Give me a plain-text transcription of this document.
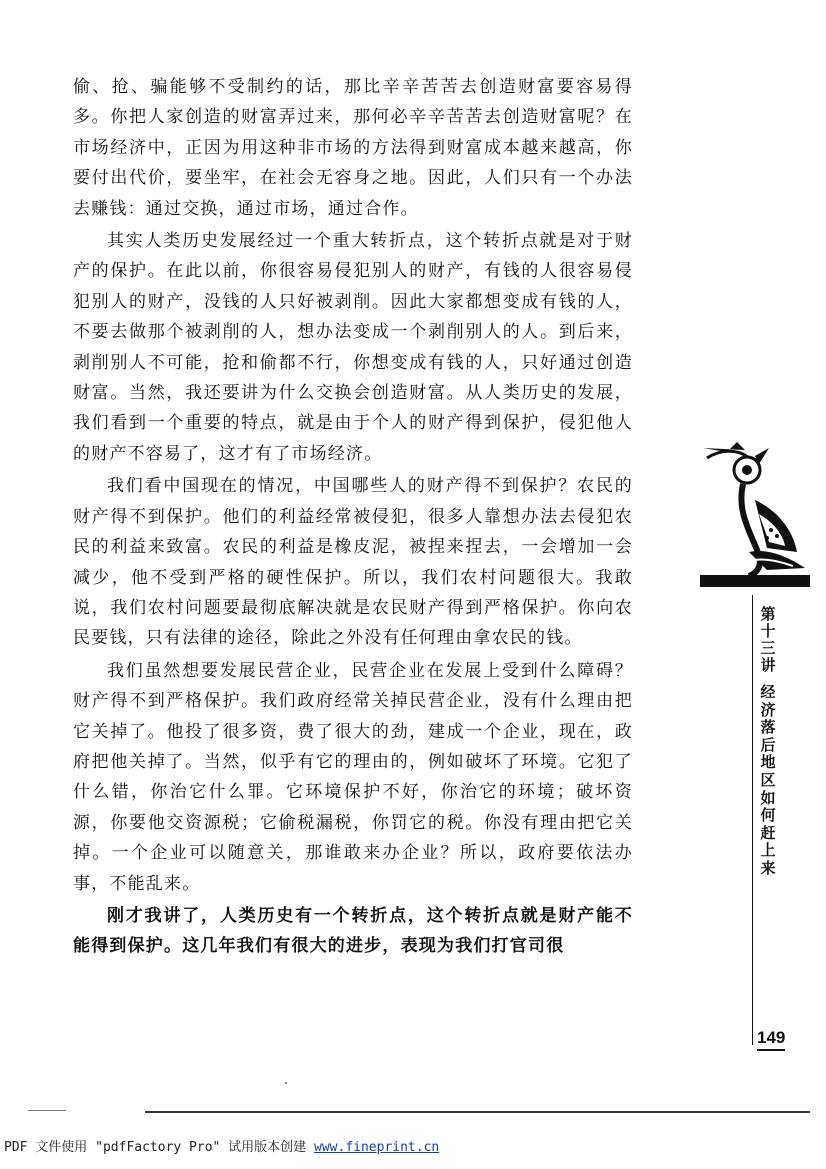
偷、抢、骗能够不受制约的话，那比辛辛苦苦去创造财富要容易得多。你把人家创造的财富弄过来，那何必辛辛苦苦去创造财富呢？在市场经济中，正因为用这种非市场的方法得到财富成本越来越高，你要付出代价，要坐牢，在社会无容身之地。因此，人们只有一个办法去赚钱：通过交换，通过市场，通过合作。

其实人类历史发展经过一个重大转折点，这个转折点就是对于财产的保护。在此以前，你很容易侵犯别人的财产，有钱的人很容易侵犯别人的财产，没钱的人只好被剥削。因此大家都想变成有钱的人，不要去做那个被剥削的人，想办法变成一个剥削别人的人。到后来，剥削别人不可能，抢和偷都不行，你想变成有钱的人，只好通过创造财富。当然，我还要讲为什么交换会创造财富。从人类历史的发展，我们看到一个重要的特点，就是由于个人的财产得到保护，侵犯他人的财产不容易了，这才有了市场经济。

我们看中国现在的情况，中国哪些人的财产得不到保护？农民的财产得不到保护。他们的利益经常被侵犯，很多人靠想办法去侵犯农民的利益来致富。农民的利益是橡皮泥，被捏来捏去，一会增加一会减少，他不受到严格的硬性保护。所以，我们农村问题很大。我敢说，我们农村问题要最彻底解决就是农民财产得到严格保护。你向农民要钱，只有法律的途径，除此之外没有任何理由拿农民的钱。

我们虽然想要发展民营企业，民营企业在发展上受到什么障碍？财产得不到严格保护。我们政府经常关掉民营企业，没有什么理由把它关掉了。他投了很多资，费了很大的劲，建成一个企业，现在，政府把他关掉了。当然，似乎有它的理由的，例如破坏了环境。它犯了什么错，你治它什么罪。它环境保护不好，你治它的环境；破坏资源，你要他交资源税；它偷税漏税，你罚它的税。你没有理由把它关掉。一个企业可以随意关，那谁敢来办企业？所以，政府要依法办事，不能乱来。

刚才我讲了，人类历史有一个转折点，这个转折点就是财产能不能得到保护。这几年我们有很大的进步，表现为我们打官司很

第
十
三
讲
经
济
落
后
地
区
如
何
赶
上
来
149
PDF 文件使用 "pdfFactory Pro" 试用版本创建 www.fineprint.cn
